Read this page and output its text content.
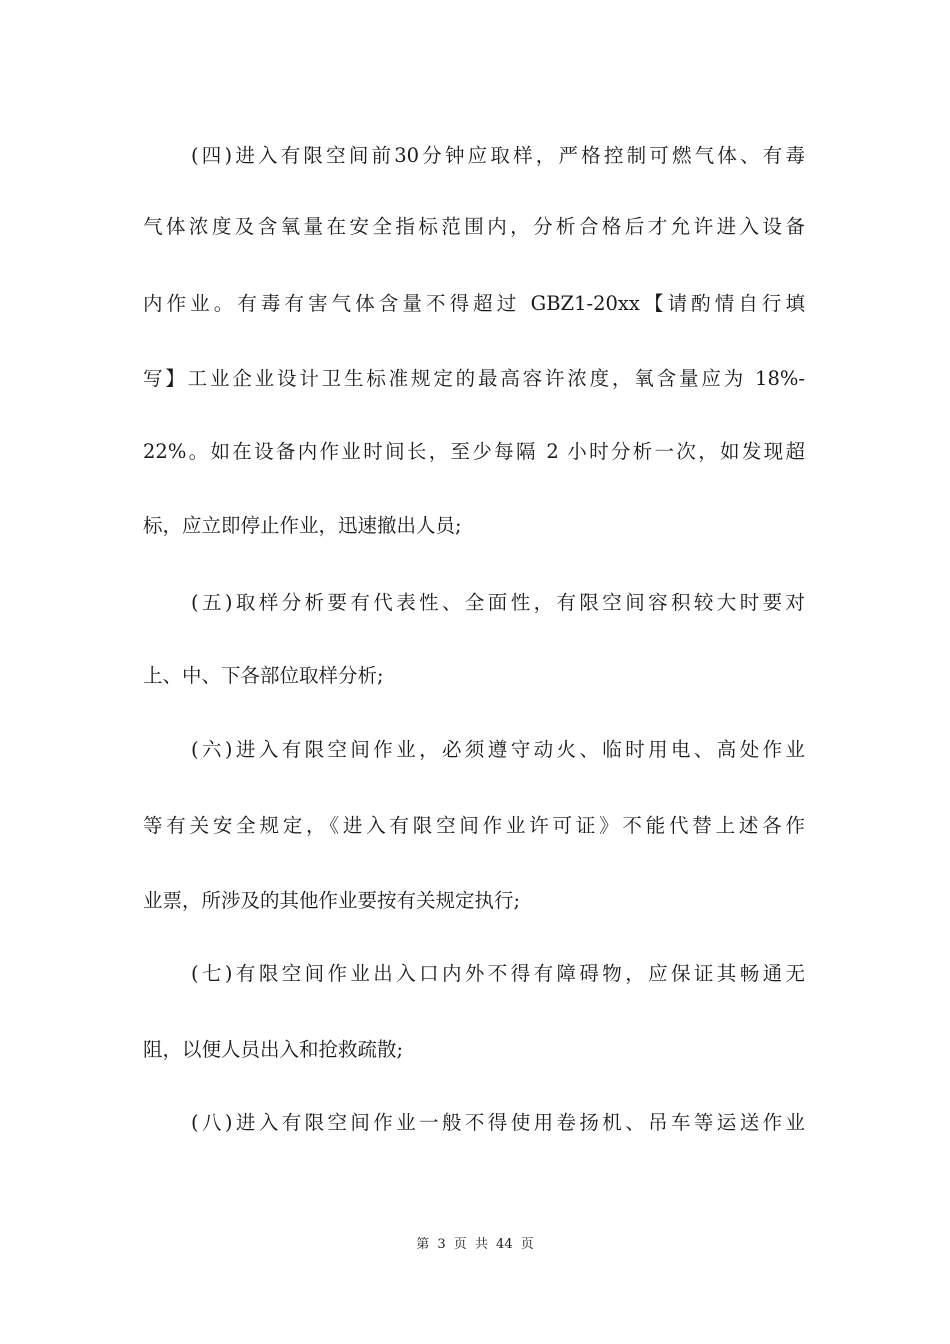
(四)进入有限空间前30分钟应取样，严格控制可燃气体、有毒
气体浓度及含氧量在安全指标范围内，分析合格后才允许进入设备
内作业。有毒有害气体含量不得超过 GBZ1-20xx【请酌情自行填
写】工业企业设计卫生标准规定的最高容许浓度，氧含量应为 18%-
22%。如在设备内作业时间长，至少每隔 2 小时分析一次，如发现超
标，应立即停止作业，迅速撤出人员;
(五)取样分析要有代表性、全面性，有限空间容积较大时要对
上、中、下各部位取样分析;
(六)进入有限空间作业，必须遵守动火、临时用电、高处作业
等有关安全规定，《进入有限空间作业许可证》不能代替上述各作
业票，所涉及的其他作业要按有关规定执行;
(七)有限空间作业出入口内外不得有障碍物，应保证其畅通无
阻，以便人员出入和抢救疏散;
(八)进入有限空间作业一般不得使用卷扬机、吊车等运送作业
第 3 页 共 44 页
